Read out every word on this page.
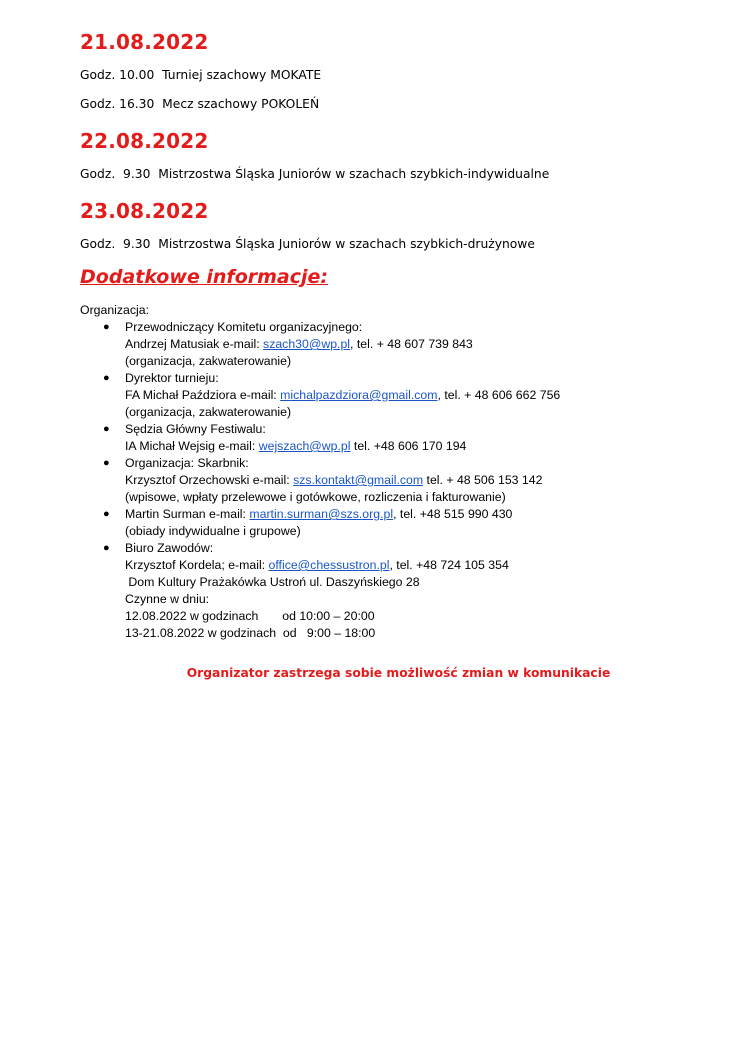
21.08.2022
Godz. 10.00  Turniej szachowy MOKATE
Godz. 16.30  Mecz szachowy POKOLEŃ
22.08.2022
Godz.  9.30  Mistrzostwa Śląska Juniorów w szachach szybkich-indywidualne
23.08.2022
Godz.  9.30  Mistrzostwa Śląska Juniorów w szachach szybkich-drużynowe
Dodatkowe informacje:
Organizacja:
● Przewodniczący Komitetu organizacyjnego:
Andrzej Matusiak e-mail: szach30@wp.pl, tel. + 48 607 739 843
(organizacja, zakwaterowanie)
● Dyrektor turnieju:
FA Michał Paździora e-mail: michalpazdziora@gmail.com, tel. + 48 606 662 756
(organizacja, zakwaterowanie)
● Sędzia Główny Festiwalu:
IA Michał Wejsig e-mail: wejszach@wp.pl tel. +48 606 170 194
● Organizacja: Skarbnik:
Krzysztof Orzechowski e-mail: szs.kontakt@gmail.com tel. + 48 506 153 142
(wpisowe, wpłaty przelewowe i gotówkowe, rozliczenia i fakturowanie)
● Martin Surman e-mail: martin.surman@szs.org.pl, tel. +48 515 990 430
(obiady indywidualne i grupowe)
● Biuro Zawodów:
Krzysztof Kordela; e-mail: office@chessustron.pl, tel. +48 724 105 354
Dom Kultury Prażakówka Ustroń ul. Daszyńskiego 28
Czynne w dniu:
12.08.2022 w godzinach       od 10:00 – 20:00
13-21.08.2022 w godzinach  od   9:00 – 18:00
Organizator zastrzega sobie możliwość zmian w komunikacie
